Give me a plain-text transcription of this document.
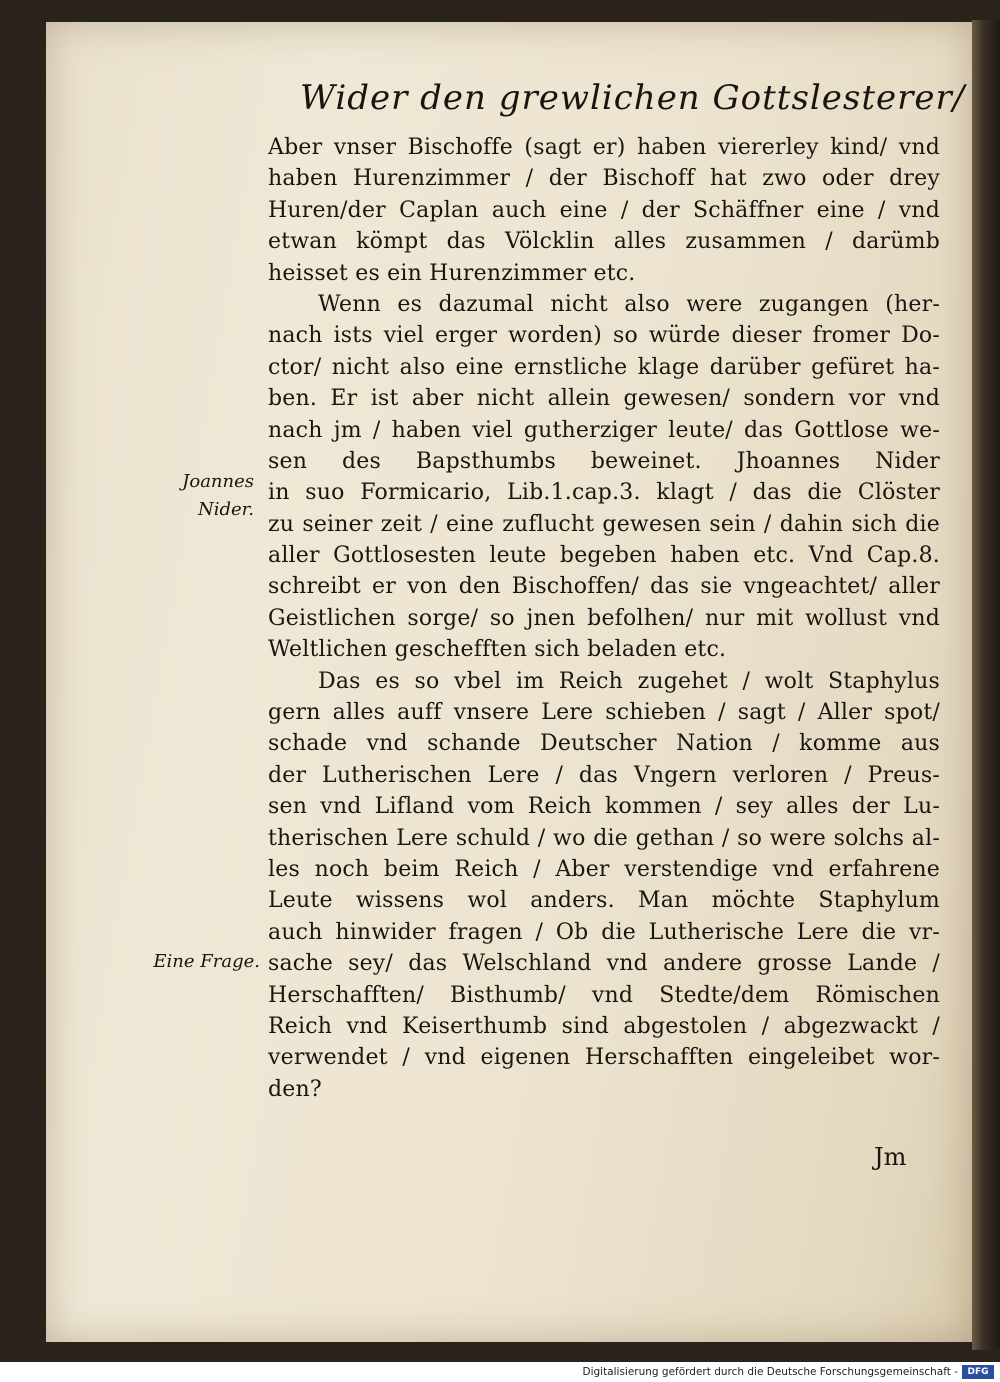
Wider den grewlichen Gottslesterer/
Aber vnser Bischoffe (sagt er) haben viererley kind/ vnd
haben Hurenzimmer / der Bischoff hat zwo oder drey
Huren/der Caplan auch eine / der Schäffner eine / vnd
etwan kömpt das Völcklin alles zusammen / darümb
heisset es ein Hurenzimmer etc.
Wenn es dazumal nicht also were zugangen (her-
nach ists viel erger worden) so würde dieser fromer Do-
ctor/ nicht also eine ernstliche klage darüber gefüret ha-
ben. Er ist aber nicht allein gewesen/ sondern vor vnd
nach jm / haben viel gutherziger leute/ das Gottlose we-
sen des Bapsthumbs beweinet. Jhoannes Nider
in suo Formicario, Lib.1.cap.3. klagt / das die Clöster
zu seiner zeit / eine zuflucht gewesen sein / dahin sich die
aller Gottlosesten leute begeben haben etc. Vnd Cap.8.
schreibt er von den Bischoffen/ das sie vngeachtet/ aller
Geistlichen sorge/ so jnen befolhen/ nur mit wollust vnd
Weltlichen geschefften sich beladen etc.
Das es so vbel im Reich zugehet / wolt Staphylus
gern alles auff vnsere Lere schieben / sagt / Aller spot/
schade vnd schande Deutscher Nation / komme aus
der Lutherischen Lere / das Vngern verloren / Preus-
sen vnd Lifland vom Reich kommen / sey alles der Lu-
therischen Lere schuld / wo die gethan / so were solchs al-
les noch beim Reich / Aber verstendige vnd erfahrene
Leute wissens wol anders. Man möchte Staphylum
auch hinwider fragen / Ob die Lutherische Lere die vr-
sache sey/ das Welschland vnd andere grosse Lande /
Herschafften/ Bisthumb/ vnd Stedte/dem Römischen
Reich vnd Keiserthumb sind abgestolen / abgezwackt /
verwendet / vnd eigenen Herschafften eingeleibet wor-
den?
Joannes
Nider.
Eine Frage.
Jm
Digitalisierung gefördert durch die Deutsche Forschungsgemeinschaft -	DFG
